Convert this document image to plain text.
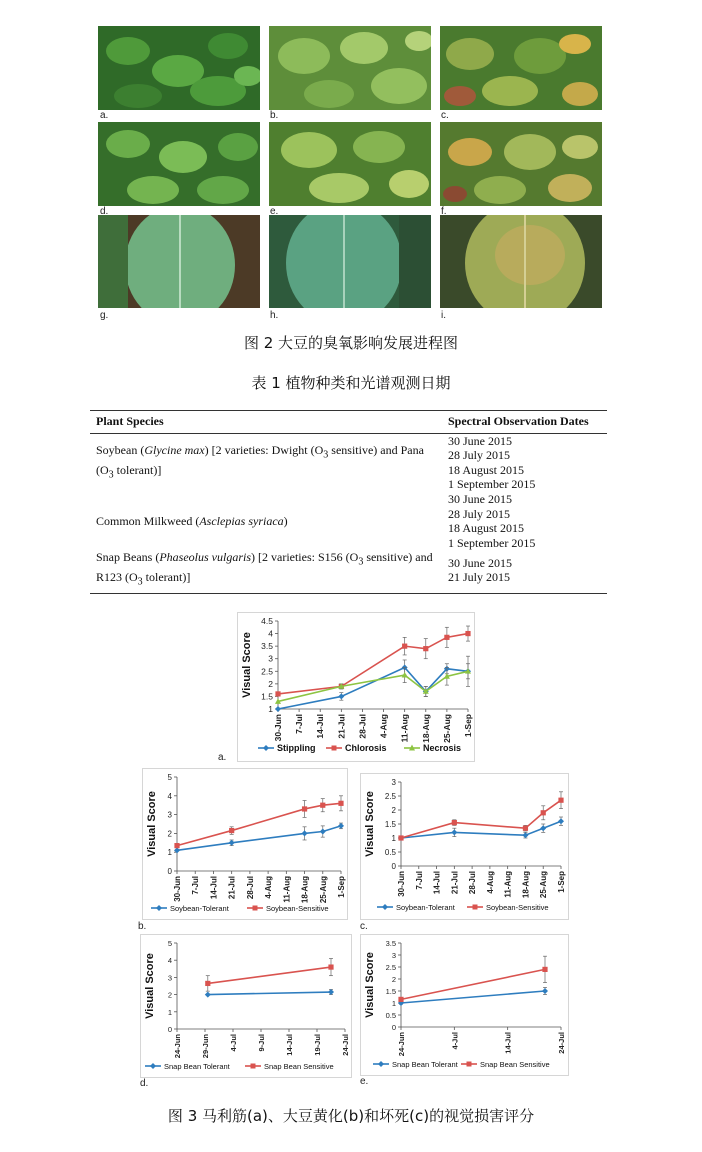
a.	b.	c.
d.	e.	f.
g.	h.	i.
图 2 大豆的臭氧影响发展进程图
表 1 植物种类和光谱观测日期
Plant Species	Spectral Observation Dates
Soybean (Glycine max) [2 varieties: Dwight ($O_3$ sensitive) and Pana ($O_3$ tolerant)]	30 June 2015
28 July 2015
18 August 2015
1 September 2015

Common Milkweed (Asclepias syriaca)	30 June 2015
28 July 2015
18 August 2015
1 September 2015

Snap Beans (Phaseolus vulgaris) [2 varieties: S156 ($O_3$ sensitive) and R123 ($O_3$ tolerant)]	30 June 2015
21 July 2015
1
1.5
2
2.5
3
3.5
4
4.5
30-Jun 7-Jul 14-Jul 21-Jul 28-Jul 4-Aug 11-Aug 18-Aug 25-Aug 1-Sep
Visual Score
Stippling	Chlorosis	Necrosis
a.
0
1
2
3
4
5
30-Jun 7-Jul 14-Jul 21-Jul 28-Jul 4-Aug 11-Aug 18-Aug 25-Aug 1-Sep
Visual Score
Soybean-Tolerant	Soybean-Sensitive
b.
0
0.5
1
1.5
2
2.5
3
30-Jun 7-Jul 14-Jul 21-Jul 28-Jul 4-Aug 11-Aug 18-Aug 25-Aug 1-Sep
Visual Score
Soybean-Tolerant	Soybean-Sensitive
c.
0
1
2
3
4
5
24-Jun	29-Jun	4-Jul	9-Jul	14-Jul	19-Jul	24-Jul
Visual Score
Snap Bean Tolerant	Snap Bean Sensitive
d.
0
0.5
1
1.5
2
2.5
3
3.5
24-Jun	4-Jul	14-Jul	24-Jul
Visual Score
Snap Bean Tolerant	Snap Bean Sensitive
e.
图 3 马利筋(a)、大豆黄化(b)和坏死(c)的视觉损害评分
